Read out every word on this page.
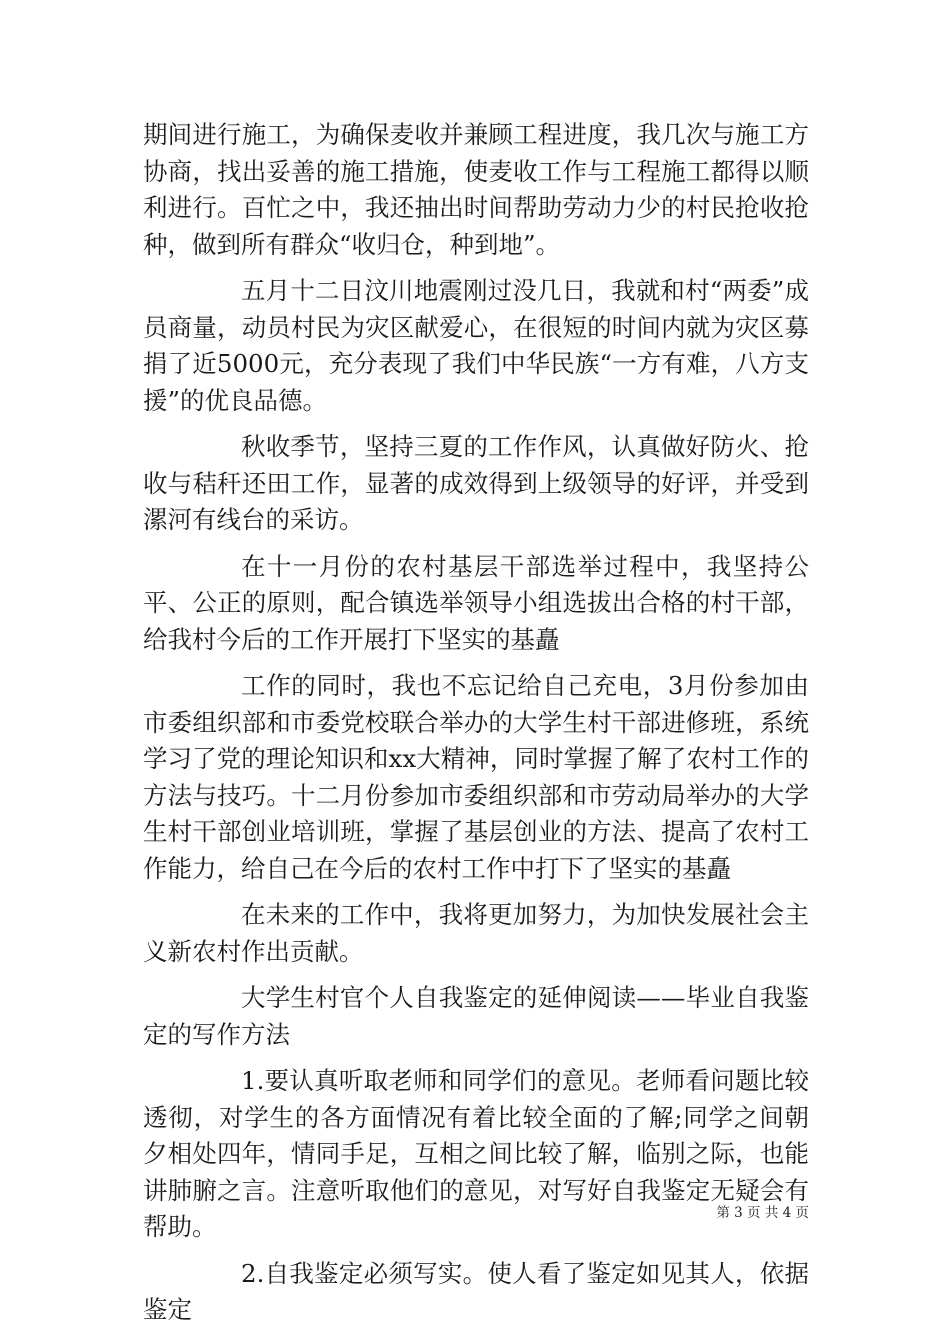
期间进行施工，为确保麦收并兼顾工程进度，我几次与施工方协商，找出妥善的施工措施，使麦收工作与工程施工都得以顺利进行。百忙之中，我还抽出时间帮助劳动力少的村民抢收抢种，做到所有群众“收归仓，种到地”。

五月十二日汶川地震刚过没几日，我就和村“两委”成员商量，动员村民为灾区献爱心，在很短的时间内就为灾区募捐了近5000元，充分表现了我们中华民族“一方有难，八方支援”的优良品德。

秋收季节，坚持三夏的工作作风，认真做好防火、抢收与秸秆还田工作，显著的成效得到上级领导的好评，并受到漯河有线台的采访。

在十一月份的农村基层干部选举过程中，我坚持公平、公正的原则，配合镇选举领导小组选拔出合格的村干部，给我村今后的工作开展打下坚实的基矗

工作的同时，我也不忘记给自己充电，3月份参加由市委组织部和市委党校联合举办的大学生村干部进修班，系统学习了党的理论知识和xx大精神，同时掌握了解了农村工作的方法与技巧。十二月份参加市委组织部和市劳动局举办的大学生村干部创业培训班，掌握了基层创业的方法、提高了农村工作能力，给自己在今后的农村工作中打下了坚实的基矗

在未来的工作中，我将更加努力，为加快发展社会主义新农村作出贡献。

大学生村官个人自我鉴定的延伸阅读——毕业自我鉴定的写作方法

1.要认真听取老师和同学们的意见。老师看问题比较透彻，对学生的各方面情况有着比较全面的了解;同学之间朝夕相处四年，情同手足，互相之间比较了解，临别之际，也能讲肺腑之言。注意听取他们的意见，对写好自我鉴定无疑会有帮助。

2.自我鉴定必须写实。使人看了鉴定如见其人，依据鉴定

第 3 页 共 4 页
